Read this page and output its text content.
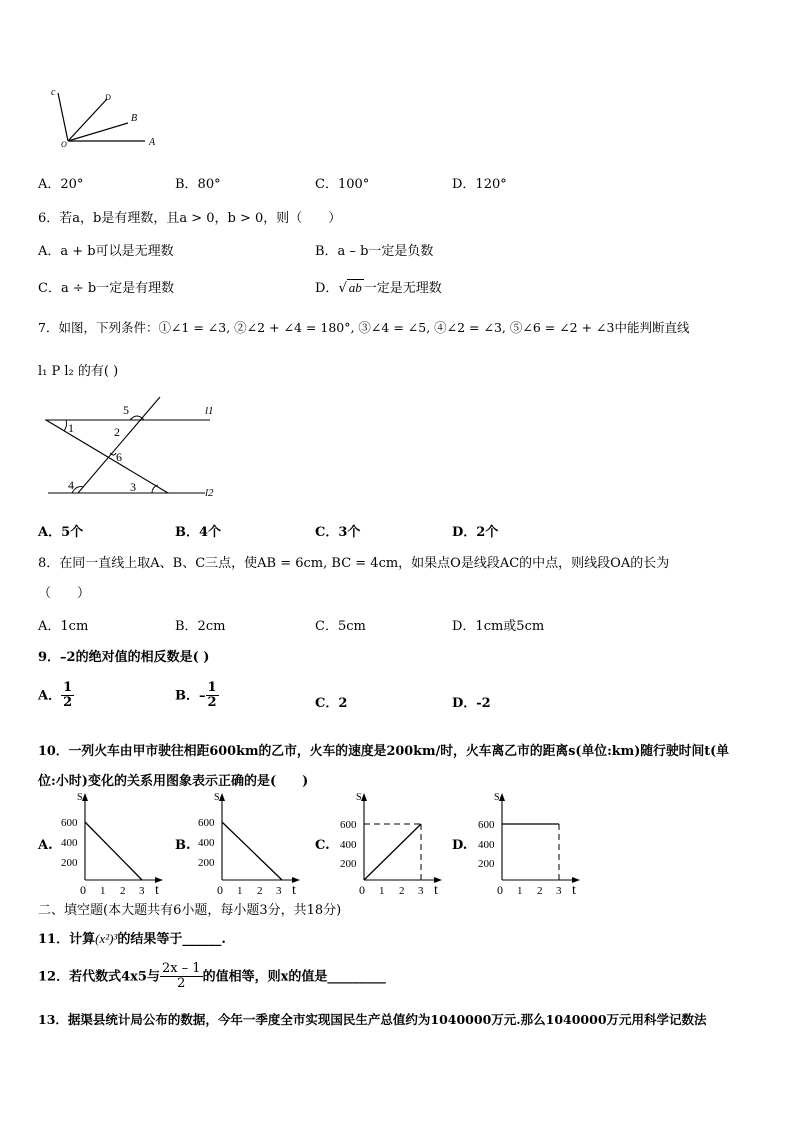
c	D
B
A
O
A．20°	B．80°	C．100°	D．120°
6．若a，b是有理数，且a > 0，b > 0，则（　　）
A．a + b可以是无理数	B．a – b一定是负数
C．a ÷ b一定是有理数	D．√ ab 一定是无理数
7．如图，下列条件：①∠1 = ∠3, ②∠2 + ∠4 = 180°, ③∠4 = ∠5, ④∠2 = ∠3, ⑤∠6 = ∠2 + ∠3中能判断直线
l₁ P l₂ 的有( )
l1
l2
1	2
3
4
5
6
A．5个	B．4个	C．3个	D．2个
8．在同一直线上取A、B、C三点，使AB = 6cm, BC = 4cm，如果点O是线段AC的中点，则线段OA的长为
（　　）
A．1cm	B．2cm	C．5cm	D．1cm或5cm
9．–2的绝对值的相反数是( )
A． $\frac{1}{2}$	B．– $\frac{1}{2}$	C．2	D．-2
10．一列火车由甲市驶往相距600km的乙市，火车的速度是200km/时，火车离乙市的距离s(单位:km)随行驶时间t(单
位:小时)变化的关系用图象表示正确的是(　　)
A.	B.	C.	D.
S
600
400
200
0 1 2 3 t
S
600
400
200
0 1 2 3 t
S
600
400
200
0 1 2 3 t
S
600
400
200
0 1 2 3 t
二、填空题(本大题共有6小题，每小题3分，共18分)
11．计算(x²)³的结果等于______.
12．若代数式4x5与 $\frac{2x - 1}{2}$ 的值相等，则x的值是_________
13．据渠县统计局公布的数据，今年一季度全市实现国民生产总值约为1040000万元.那么1040000万元用科学记数法
